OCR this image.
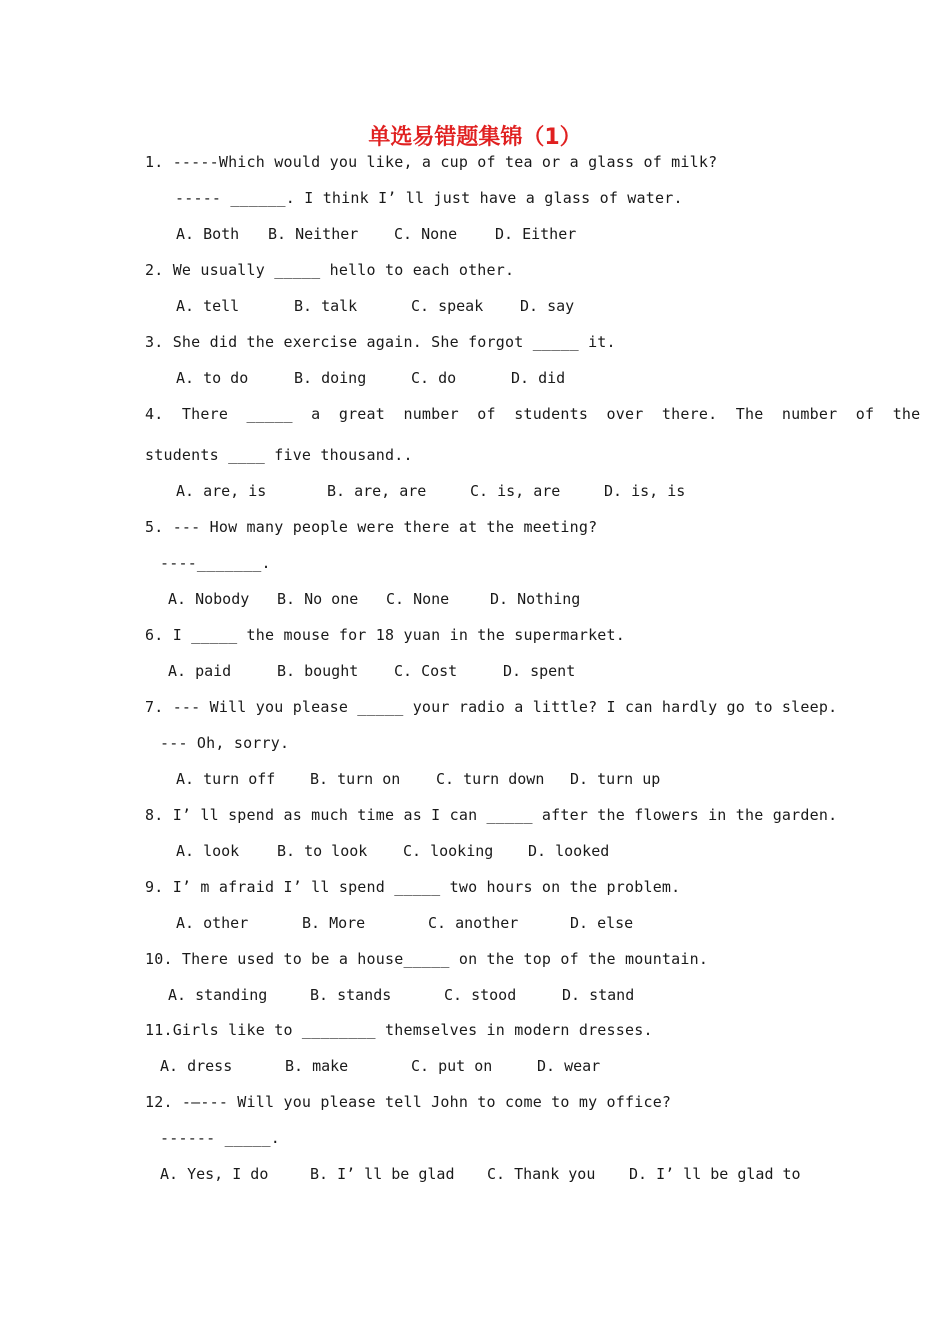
单选易错题集锦（1）
1. -----Which would you like, a cup of tea or a glass of milk?
----- ______. I think I’ ll just have a glass of water.
A. Both B. Neither C. None	D. Either
2. We usually _____ hello to each other.
A. tell	B. talk	C. speak D. say
3. She did the exercise again. She forgot _____ it.
A. to do	B. doing	C. do	D. did
4.  There  _____  a  great  number  of  students  over  there.  The  number  of  the
students ____ five thousand..
A. are, is	B. are, are	C. is, are	D. is, is
5. --- How many people were there at the meeting?
----_______.
A. Nobody B. No one C. None	D. Nothing
6. I _____ the mouse for 18 yuan in the supermarket.
A. paid	B. bought C. Cost	D. spent
7. --- Will you please _____ your radio a little? I can hardly go to sleep.
--- Oh, sorry.
A. turn off B. turn on C. turn down D. turn up
8. I’ ll spend as much time as I can _____ after the flowers in the garden.
A. look	B. to look C. looking D. looked
9. I’ m afraid I’ ll spend _____ two hours on the problem.
A. other	B. More	C. another	D. else
10. There used to be a house_____ on the top of the mountain.
A. standing	B. stands	C. stood	D. stand
11.Girls like to ________ themselves in modern dresses.
A. dress	B. make	C. put on	D. wear
12. -–--- Will you please tell John to come to my office?
------ _____.
A. Yes, I do	B. I’ ll be glad C. Thank you D. I’ ll be glad to
